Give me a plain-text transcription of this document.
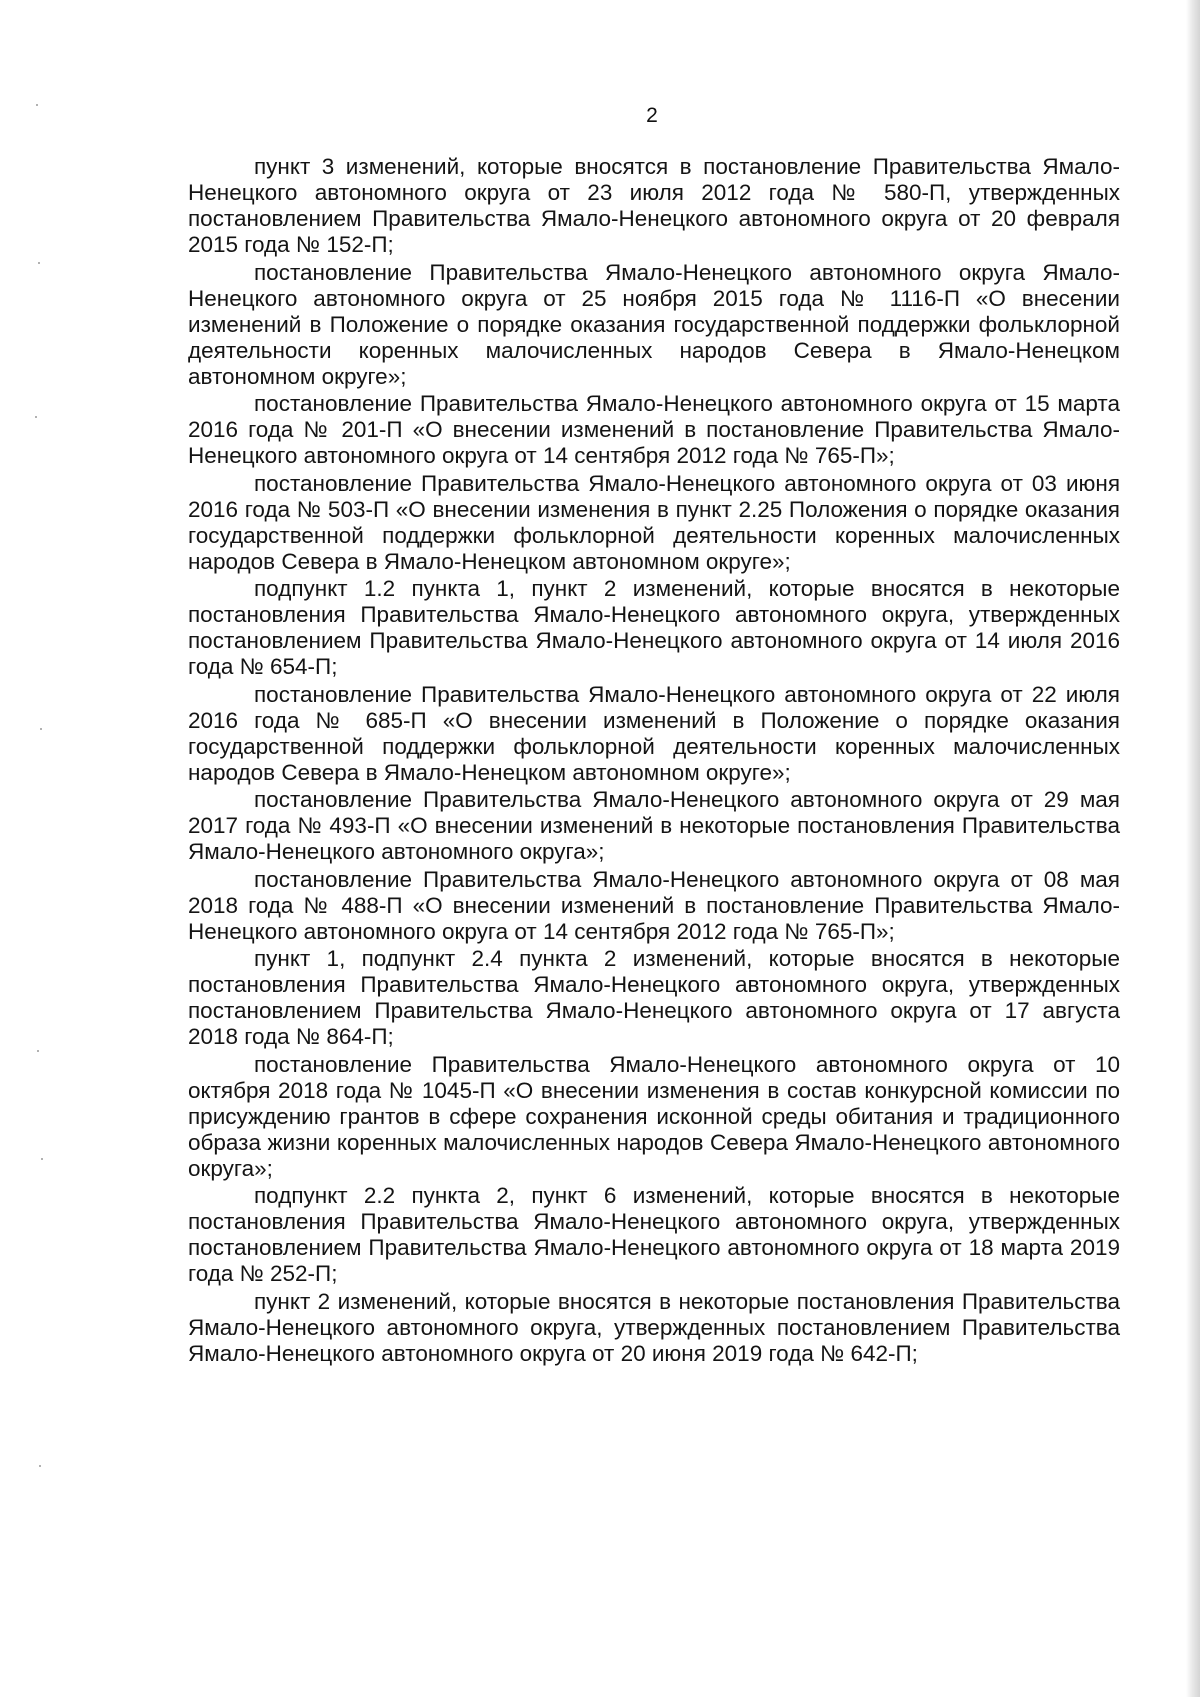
2

пункт 3 изменений, которые вносятся в постановление Правительства Ямало-Ненецкого автономного округа от 23 июля 2012 года № 580-П, утвержденных постановлением Правительства Ямало-Ненецкого автономного округа от 20 февраля 2015 года № 152-П;

постановление Правительства Ямало-Ненецкого автономного округа Ямало-Ненецкого автономного округа от 25 ноября 2015 года № 1116-П «О внесении изменений в Положение о порядке оказания государственной поддержки фольклорной деятельности коренных малочисленных народов Севера в Ямало-Ненецком автономном округе»;

постановление Правительства Ямало-Ненецкого автономного округа от 15 марта 2016 года № 201-П «О внесении изменений в постановление Правительства Ямало-Ненецкого автономного округа от 14 сентября 2012 года № 765-П»;

постановление Правительства Ямало-Ненецкого автономного округа от 03 июня 2016 года № 503-П «О внесении изменения в пункт 2.25 Положения о порядке оказания государственной поддержки фольклорной деятельности коренных малочисленных народов Севера в Ямало-Ненецком автономном округе»;

подпункт 1.2 пункта 1, пункт 2 изменений, которые вносятся в некоторые постановления Правительства Ямало-Ненецкого автономного округа, утвержденных постановлением Правительства Ямало-Ненецкого автономного округа от 14 июля 2016 года № 654-П;

постановление Правительства Ямало-Ненецкого автономного округа от 22 июля 2016 года № 685-П «О внесении изменений в Положение о порядке оказания государственной поддержки фольклорной деятельности коренных малочисленных народов Севера в Ямало-Ненецком автономном округе»;

постановление Правительства Ямало-Ненецкого автономного округа от 29 мая 2017 года № 493-П «О внесении изменений в некоторые постановления Правительства Ямало-Ненецкого автономного округа»;

постановление Правительства Ямало-Ненецкого автономного округа от 08 мая 2018 года № 488-П «О внесении изменений в постановление Правительства Ямало-Ненецкого автономного округа от 14 сентября 2012 года № 765-П»;

пункт 1, подпункт 2.4 пункта 2 изменений, которые вносятся в некоторые постановления Правительства Ямало-Ненецкого автономного округа, утвержденных постановлением Правительства Ямало-Ненецкого автономного округа от 17 августа 2018 года № 864-П;

постановление Правительства Ямало-Ненецкого автономного округа от 10 октября 2018 года № 1045-П «О внесении изменения в состав конкурсной комиссии по присуждению грантов в сфере сохранения исконной среды обитания и традиционного образа жизни коренных малочисленных народов Севера Ямало-Ненецкого автономного округа»;

подпункт 2.2 пункта 2, пункт 6 изменений, которые вносятся в некоторые постановления Правительства Ямало-Ненецкого автономного округа, утвержденных постановлением Правительства Ямало-Ненецкого автономного округа от 18 марта 2019 года № 252-П;

пункт 2 изменений, которые вносятся в некоторые постановления Правительства Ямало-Ненецкого автономного округа, утвержденных постановлением Правительства Ямало-Ненецкого автономного округа от 20 июня 2019 года № 642-П;
